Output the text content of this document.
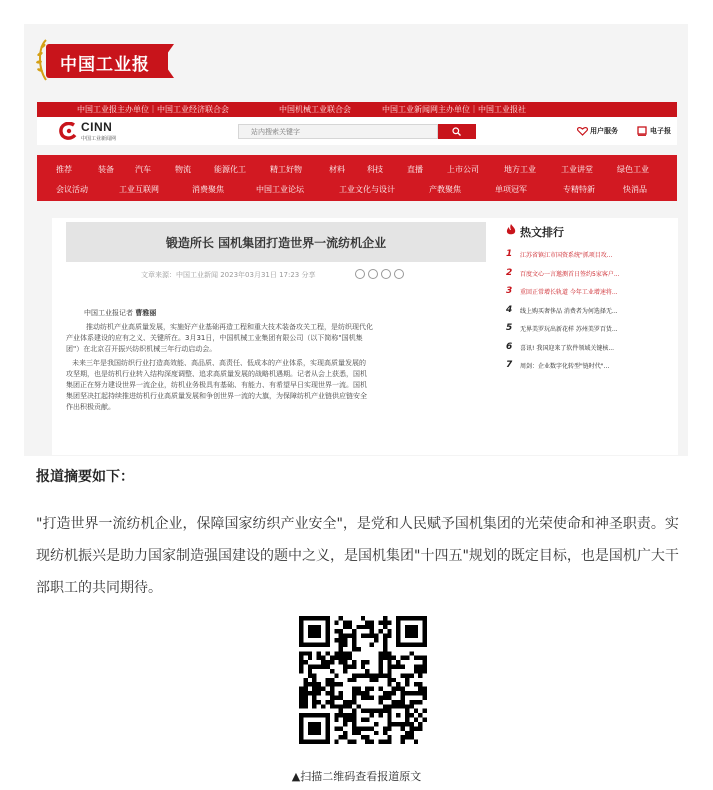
中国工业报
中国工业报主办单位｜中国工业经济联合会	中国机械工业联合会	中国工业新闻网主办单位｜中国工业报社
CINN
中国工业新闻网
站内搜索关键字
用户服务	电子报
推荐	装备	汽车	物流	能源化工	精工好物	材料	科技	直播	上市公司	地方工业	工业讲堂	绿色工业
会议活动	工业互联网	消费聚焦	中国工业论坛	工业文化与设计	产教聚焦	单项冠军	专精特新	快消品
锻造所长 国机集团打造世界一流纺机企业
文章来源：中国工业新闻 2023年03月31日 17:23 分享
中国工业报记者 曹雅丽
推动纺机产业高质量发展，实施好产业基础再造工程和重大技术装备攻关工程，是纺织现代化
产业体系建设的应有之义、关键所在。3月31日，中国机械工业集团有限公司（以下简称"国机集
团"）在北京召开振兴纺织机械三年行动启动会。
未来三年是我国纺织行业打造高效能、高品质、高责任、低成本的产业体系，实现高质量发展的
攻坚期，也是纺机行业转入结构深度调整、追求高质量发展的战略机遇期。记者从会上获悉，国机
集团正在努力建设世界一流企业，纺机业务极具有基础、有能力、有希望早日实现世界一流。国机
集团坚决扛起持续推进纺机行业高质量发展和争创世界一流的大旗，为保障纺机产业链供应链安全
作出积极贡献。
热文排行
1 江苏省镇江市国资系统"抓项目攻...
2 百度文心一言邀测首日签约5家客户...
3 重回正常增长轨道 今年工业增速将...
4 线上购买奢侈品 消费者为何选择无...
5 无界美罗玩出新花样 苏州美罗百货...
6 喜讯! 我国迎来了软件领域关键核...
7 周剑：企业数字化转型"链时代"...
报道摘要如下：
"打造世界一流纺机企业，保障国家纺织产业安全"，是党和人民赋予国机集团的光荣使命和神圣职责。实现纺机振兴是助力国家制造强国建设的题中之义，是国机集团"十四五"规划的既定目标，也是国机广大干部职工的共同期待。
▲扫描二维码查看报道原文
